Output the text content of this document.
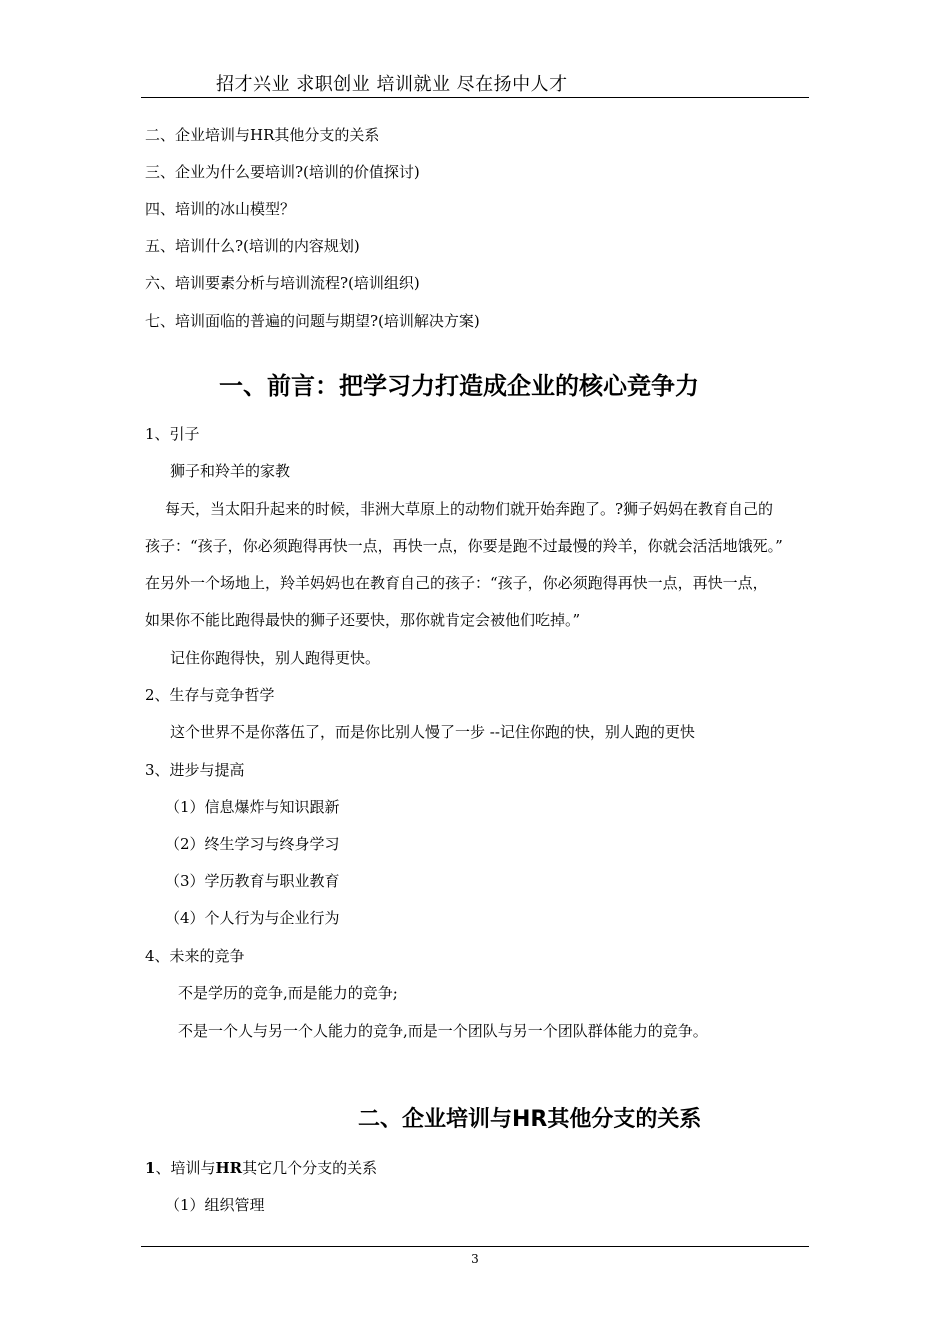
招才兴业 求职创业 培训就业 尽在扬中人才
二、企业培训与HR其他分支的关系
三、企业为什么要培训?(培训的价值探讨)
四、培训的冰山模型？
五、培训什么?(培训的内容规划)
六、培训要素分析与培训流程?(培训组织)
七、培训面临的普遍的问题与期望?(培训解决方案)
一、前言：把学习力打造成企业的核心竞争力
1、引子
狮子和羚羊的家教
每天，当太阳升起来的时候，非洲大草原上的动物们就开始奔跑了。?狮子妈妈在教育自己的
孩子：“孩子，你必须跑得再快一点，再快一点，你要是跑不过最慢的羚羊，你就会活活地饿死。”
在另外一个场地上，羚羊妈妈也在教育自己的孩子：“孩子，你必须跑得再快一点，再快一点，
如果你不能比跑得最快的狮子还要快，那你就肯定会被他们吃掉。”
记住你跑得快，别人跑得更快。
2、生存与竞争哲学
这个世界不是你落伍了，而是你比别人慢了一步 --记住你跑的快，别人跑的更快
3、进步与提高
（1）信息爆炸与知识跟新
（2）终生学习与终身学习
（3）学历教育与职业教育
（4）个人行为与企业行为
4、未来的竞争
不是学历的竞争,而是能力的竞争;
不是一个人与另一个人能力的竞争,而是一个团队与另一个团队群体能力的竞争。
二、企业培训与HR其他分支的关系
1、培训与HR其它几个分支的关系
（1）组织管理
3
